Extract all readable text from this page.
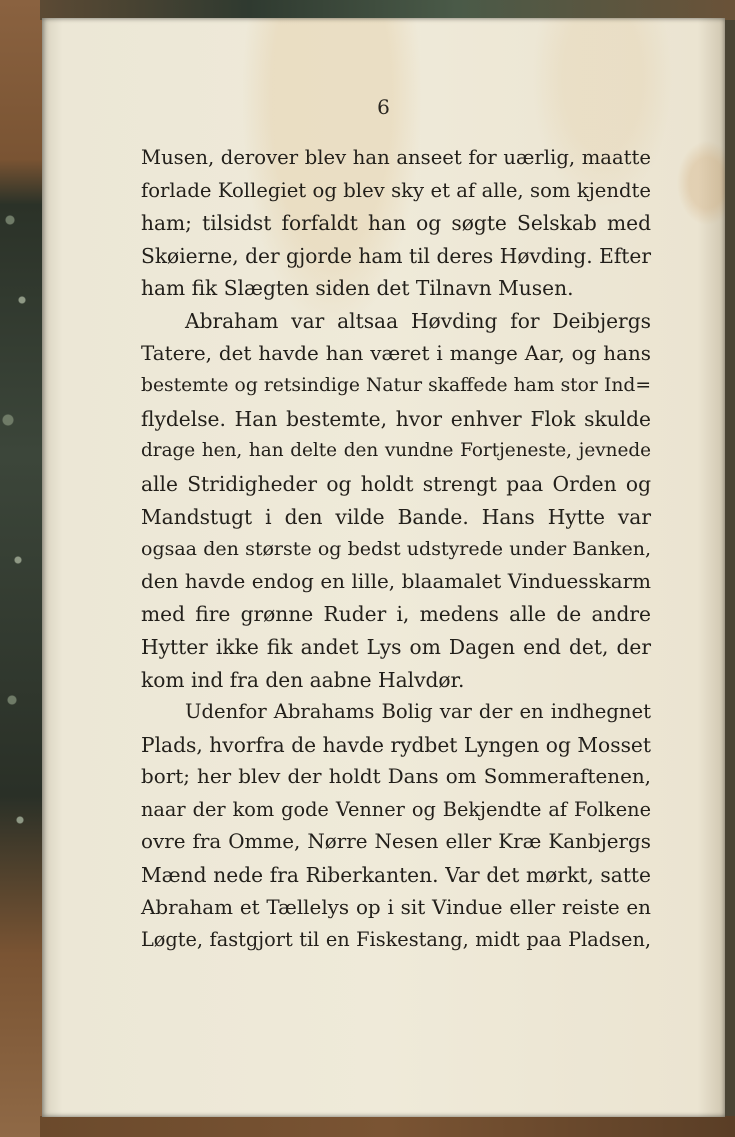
6
Musen, derover blev han anseet for uærlig, maatte
forlade Kollegiet og blev sky et af alle, som kjendte
ham; tilsidst forfaldt han og søgte Selskab med
Skøierne, der gjorde ham til deres Høvding. Efter
ham fik Slægten siden det Tilnavn Musen.
Abraham var altsaa Høvding for Deibjergs
Tatere, det havde han været i mange Aar, og hans
bestemte og retsindige Natur skaffede ham stor Ind=
flydelse. Han bestemte, hvor enhver Flok skulde
drage hen, han delte den vundne Fortjeneste, jevnede
alle Stridigheder og holdt strengt paa Orden og
Mandstugt i den vilde Bande. Hans Hytte var
ogsaa den største og bedst udstyrede under Banken,
den havde endog en lille, blaamalet Vinduesskarm
med fire grønne Ruder i, medens alle de andre
Hytter ikke fik andet Lys om Dagen end det, der
kom ind fra den aabne Halvdør.
Udenfor Abrahams Bolig var der en indhegnet
Plads, hvorfra de havde rydbet Lyngen og Mosset
bort; her blev der holdt Dans om Sommeraftenen,
naar der kom gode Venner og Bekjendte af Folkene
ovre fra Omme, Nørre Nesen eller Kræ Kanbjergs
Mænd nede fra Riberkanten. Var det mørkt, satte
Abraham et Tællelys op i sit Vindue eller reiste en
Løgte, fastgjort til en Fiskestang, midt paa Pladsen,
